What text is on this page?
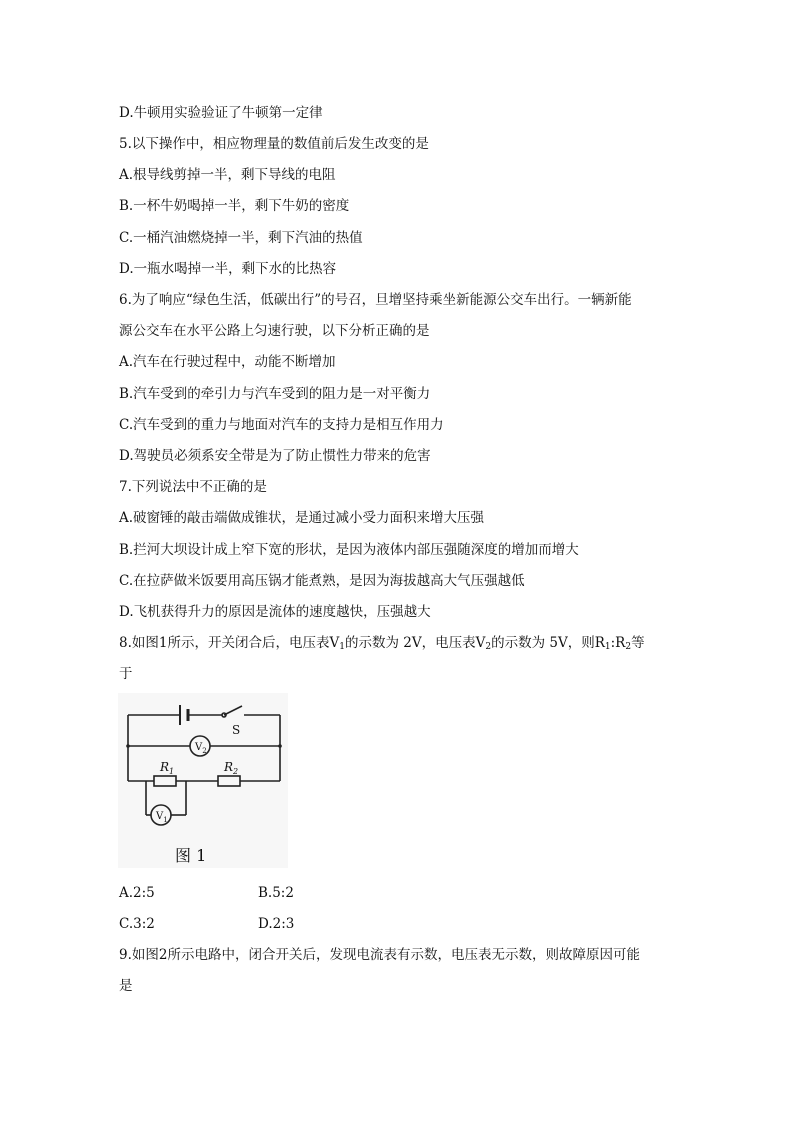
D.牛顿用实验验证了牛顿第一定律
5.以下操作中，相应物理量的数值前后发生改变的是
A.根导线剪掉一半，剩下导线的电阻
B.一杯牛奶喝掉一半，剩下牛奶的密度
C.一桶汽油燃烧掉一半，剩下汽油的热值
D.一瓶水喝掉一半，剩下水的比热容
6.为了响应“绿色生活，低碳出行”的号召，旦增坚持乘坐新能源公交车出行。一辆新能
源公交车在水平公路上匀速行驶，以下分析正确的是
A.汽车在行驶过程中，动能不断增加
B.汽车受到的牵引力与汽车受到的阻力是一对平衡力
C.汽车受到的重力与地面对汽车的支持力是相互作用力
D.驾驶员必须系安全带是为了防止惯性力带来的危害
7.下列说法中不正确的是
A.破窗锤的敲击端做成锥状，是通过减小受力面积来增大压强
B.拦河大坝设计成上窄下宽的形状，是因为液体内部压强随深度的增加而增大
C.在拉萨做米饭要用高压锅才能煮熟，是因为海拔越高大气压强越低
D.飞机获得升力的原因是流体的速度越快，压强越大
8.如图1所示，开关闭合后，电压表$V_1$的示数为 2V，电压表$V_2$的示数为 5V，则$R_1:R_2$等
于
S
$V_2$
$V_1$
$R_1$	$R_2$
图 1
A.2:5	B.5:2
C.3:2	D.2:3
9.如图2所示电路中，闭合开关后，发现电流表有示数，电压表无示数，则故障原因可能
是
